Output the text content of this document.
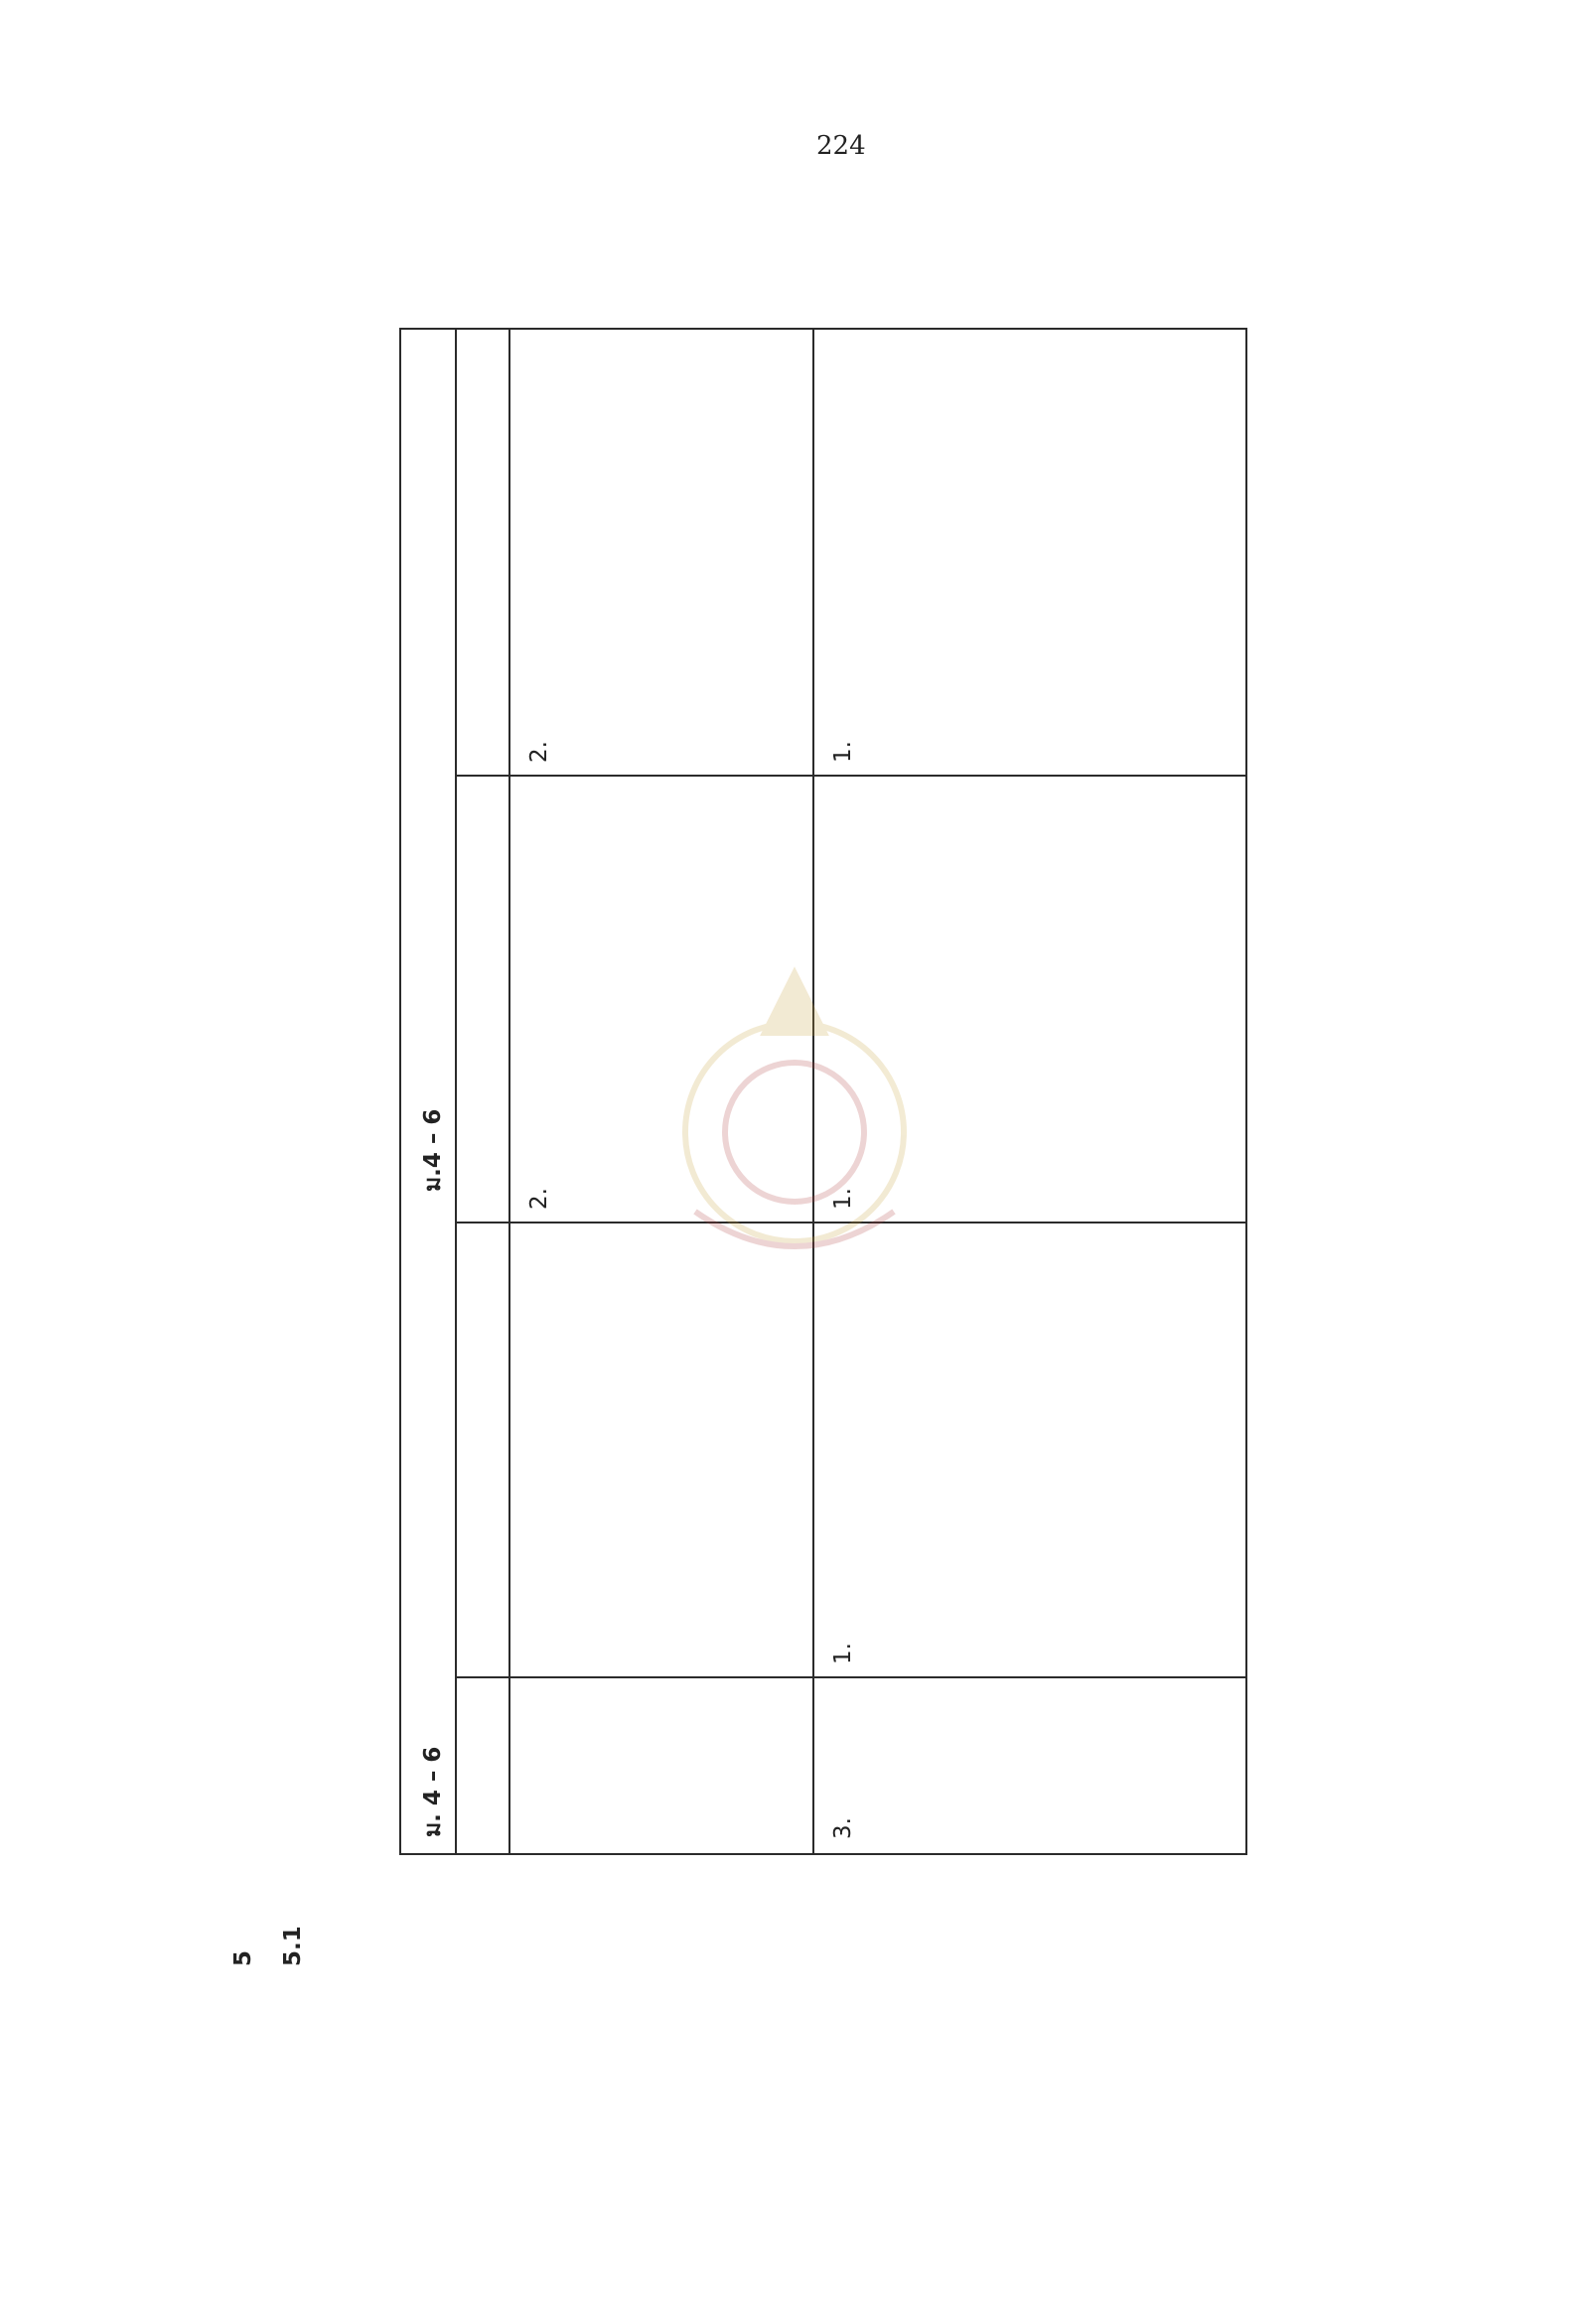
224
5 5.1
ม. 4 – 6
ม.4 – 6
2.
2.
3.
1.
1.
1.
